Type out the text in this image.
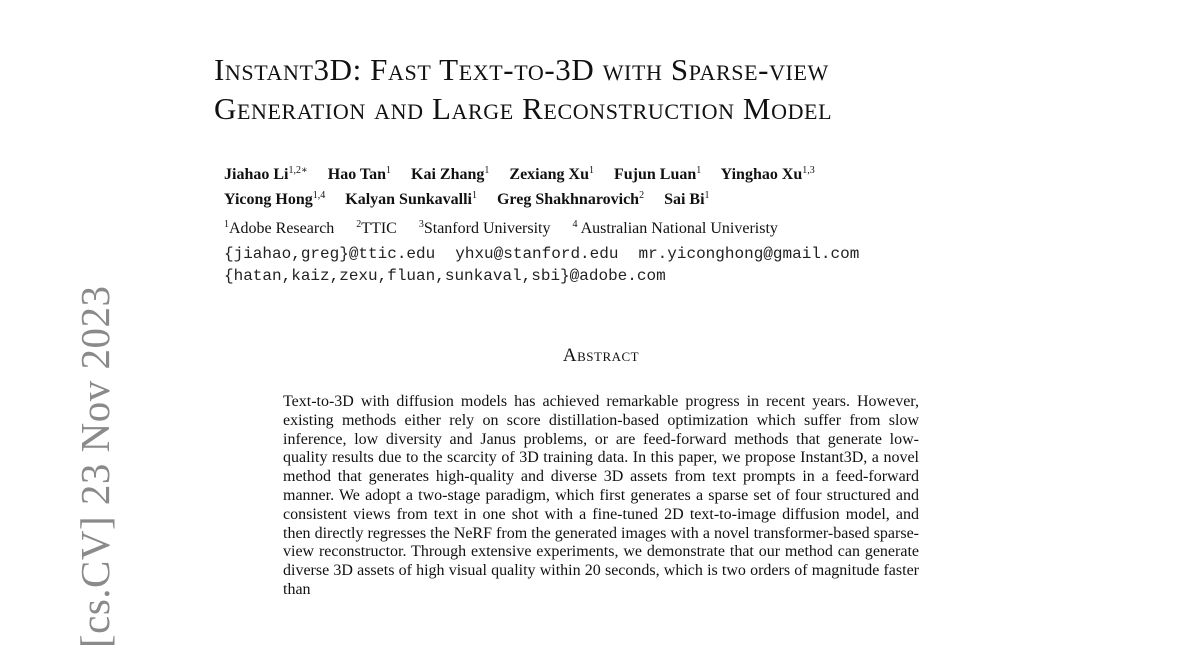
[cs.CV] 23 Nov 2023
Instant3D: Fast Text-to-3D with Sparse-view
Generation and Large Reconstruction Model
Jiahao $Li^{1,2∗}$ Hao Tan$^1$ Kai Zhang$^1$ Zexiang Xu$^1$ Fujun Luan$^1$ Yinghao Xu$^{1,3}$
Yicong Hong$^{1,4}$ Kalyan Sunkavalli$^1$ Greg Shakhnarovich$^2$ Sai Bi$^1$
$^1$Adobe Research $^2$TTIC $^3$Stanford University $^4$ Australian National Univeristy
{jiahao,greg}@ttic.edu yhxu@stanford.edu mr.yiconghong@gmail.com
{hatan,kaiz,zexu,fluan,sunkaval,sbi}@adobe.com
Abstract

Text-to-3D with diffusion models has achieved remarkable progress in recent years. However, existing methods either rely on score distillation-based optimization which suffer from slow inference, low diversity and Janus problems, or are feed-forward methods that generate low-quality results due to the scarcity of 3D training data. In this paper, we propose Instant3D, a novel method that generates high-quality and diverse 3D assets from text prompts in a feed-forward manner. We adopt a two-stage paradigm, which first generates a sparse set of four structured and consistent views from text in one shot with a fine-tuned 2D text-to-image diffusion model, and then directly regresses the NeRF from the generated images with a novel transformer-based sparse-view reconstructor. Through extensive experiments, we demonstrate that our method can generate diverse 3D assets of high visual quality within 20 seconds, which is two orders of magnitude faster than
